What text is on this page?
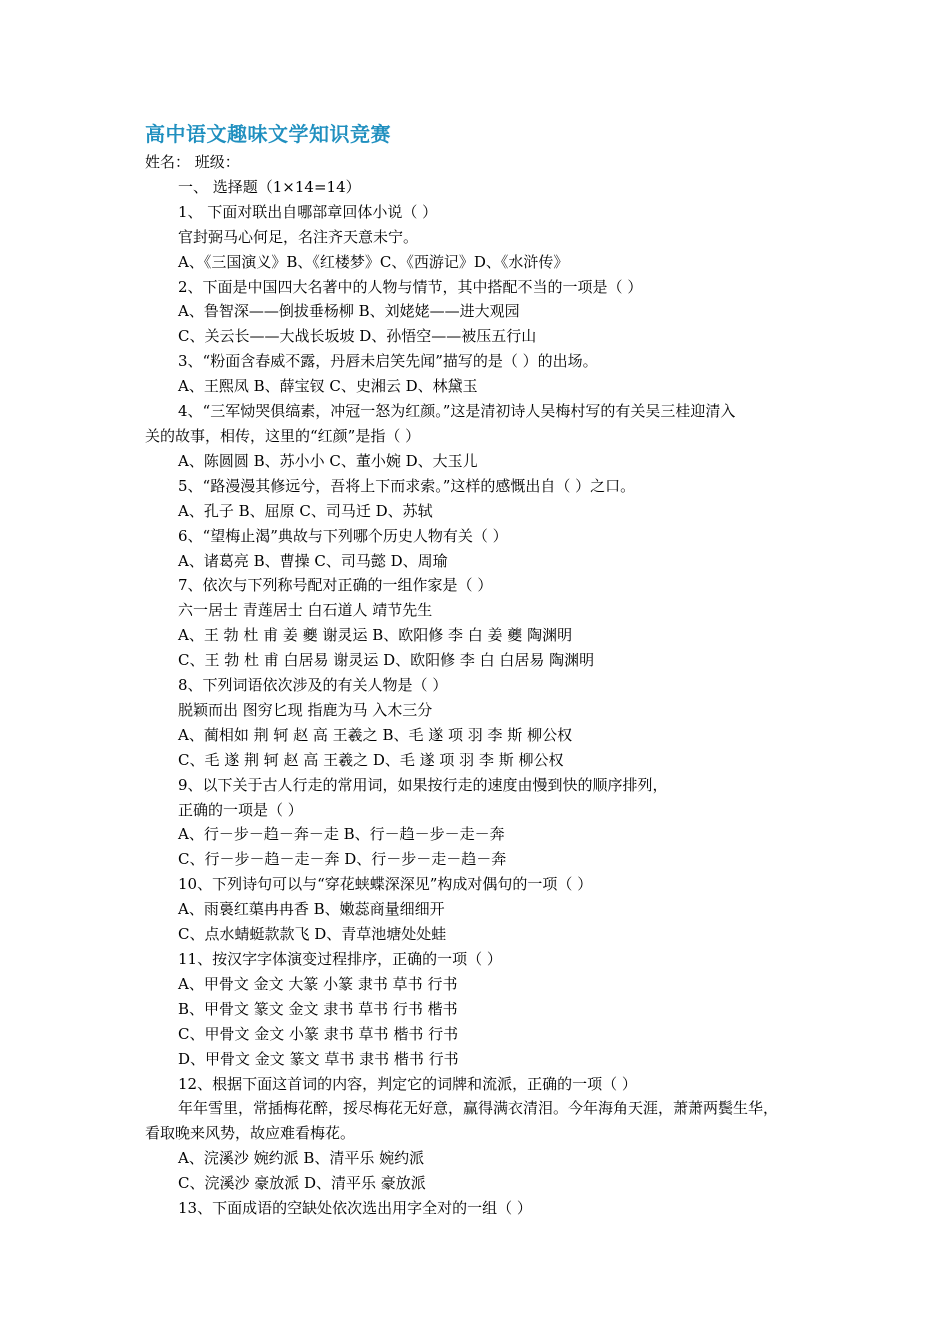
高中语文趣味文学知识竞赛
姓名： 班级：
一、 选择题（1×14=14）
1、 下面对联出自哪部章回体小说（ ）
官封弼马心何足，名注齐天意未宁。
A、《三国演义》B、《红楼梦》C、《西游记》D、《水浒传》
2、下面是中国四大名著中的人物与情节，其中搭配不当的一项是（ ）
A、鲁智深——倒拔垂杨柳 B、刘姥姥——进大观园
C、关云长——大战长坂坡 D、孙悟空——被压五行山
3、“粉面含春威不露，丹唇未启笑先闻”描写的是（ ）的出场。
A、王熙凤 B、薛宝钗 C、史湘云 D、林黛玉
4、“三军恸哭俱缟素，冲冠一怒为红颜。”这是清初诗人吴梅村写的有关吴三桂迎清入
关的故事，相传，这里的“红颜”是指（ ）
A、陈圆圆 B、苏小小 C、董小婉 D、大玉儿
5、“路漫漫其修远兮，吾将上下而求索。”这样的感慨出自（ ）之口。
A、孔子 B、屈原 C、司马迁 D、苏轼
6、“望梅止渴”典故与下列哪个历史人物有关（ ）
A、诸葛亮 B、曹操 C、司马懿 D、周瑜
7、依次与下列称号配对正确的一组作家是（ ）
六一居士 青莲居士 白石道人 靖节先生
A、王 勃 杜 甫 姜 夔 谢灵运 B、欧阳修 李 白 姜 夔 陶渊明
C、王 勃 杜 甫 白居易 谢灵运 D、欧阳修 李 白 白居易 陶渊明
8、下列词语依次涉及的有关人物是（ ）
脱颖而出 图穷匕现 指鹿为马 入木三分
A、蔺相如 荆 轲 赵 高 王羲之 B、毛 遂 项 羽 李 斯 柳公权
C、毛 遂 荆 轲 赵 高 王羲之 D、毛 遂 项 羽 李 斯 柳公权
9、以下关于古人行走的常用词，如果按行走的速度由慢到快的顺序排列，
正确的一项是（ ）
A、行－步－趋－奔－走 B、行－趋－步－走－奔
C、行－步－趋－走－奔 D、行－步－走－趋－奔
10、下列诗句可以与“穿花蛱蝶深深见”构成对偶句的一项（ ）
A、雨裛红蕖冉冉香 B、嫩蕊商量细细开
C、点水蜻蜓款款飞 D、青草池塘处处蛙
11、按汉字字体演变过程排序，正确的一项（ ）
A、甲骨文 金文 大篆 小篆 隶书 草书 行书
B、甲骨文 篆文 金文 隶书 草书 行书 楷书
C、甲骨文 金文 小篆 隶书 草书 楷书 行书
D、甲骨文 金文 篆文 草书 隶书 楷书 行书
12、根据下面这首词的内容，判定它的词牌和流派，正确的一项（ ）
年年雪里，常插梅花醉，挼尽梅花无好意，赢得满衣清泪。今年海角天涯，萧萧两鬓生华，
看取晚来风势，故应难看梅花。
A、浣溪沙 婉约派 B、清平乐 婉约派
C、浣溪沙 豪放派 D、清平乐 豪放派
13、下面成语的空缺处依次选出用字全对的一组（ ）
